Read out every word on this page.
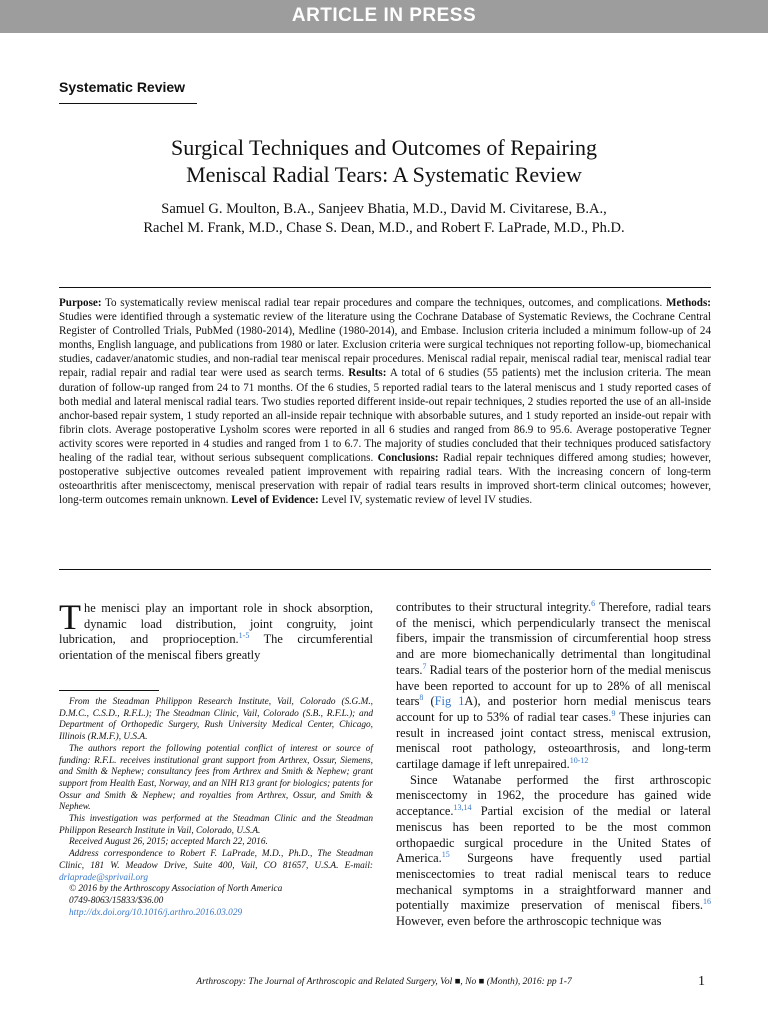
ARTICLE IN PRESS
Systematic Review
Surgical Techniques and Outcomes of Repairing
Meniscal Radial Tears: A Systematic Review
Samuel G. Moulton, B.A., Sanjeev Bhatia, M.D., David M. Civitarese, B.A.,
Rachel M. Frank, M.D., Chase S. Dean, M.D., and Robert F. LaPrade, M.D., Ph.D.
Purpose: To systematically review meniscal radial tear repair procedures and compare the techniques, outcomes, and complications. Methods: Studies were identified through a systematic review of the literature using the Cochrane Database of Systematic Reviews, the Cochrane Central Register of Controlled Trials, PubMed (1980-2014), Medline (1980-2014), and Embase. Inclusion criteria included a minimum follow-up of 24 months, English language, and publications from 1980 or later. Exclusion criteria were surgical techniques not reporting follow-up, biomechanical studies, cadaver/anatomic studies, and non-radial tear meniscal repair procedures. Meniscal radial repair, meniscal radial tear, meniscal radial tear repair, radial repair and radial tear were used as search terms. Results: A total of 6 studies (55 patients) met the inclusion criteria. The mean duration of follow-up ranged from 24 to 71 months. Of the 6 studies, 5 reported radial tears to the lateral meniscus and 1 study reported cases of both medial and lateral meniscal radial tears. Two studies reported different inside-out repair techniques, 2 studies reported the use of an all-inside anchor-based repair system, 1 study reported an all-inside repair technique with absorbable sutures, and 1 study reported an inside-out repair with fibrin clots. Average postoperative Lysholm scores were reported in all 6 studies and ranged from 86.9 to 95.6. Average postoperative Tegner activity scores were reported in 4 studies and ranged from 1 to 6.7. The majority of studies concluded that their techniques produced satisfactory healing of the radial tear, without serious subsequent complications. Conclusions: Radial repair techniques differed among studies; however, postoperative subjective outcomes revealed patient improvement with repairing radial tears. With the increasing concern of long-term osteoarthritis after meniscectomy, meniscal preservation with repair of radial tears results in improved short-term clinical outcomes; however, long-term outcomes remain unknown. Level of Evidence: Level IV, systematic review of level IV studies.

The menisci play an important role in shock absorption, dynamic load distribution, joint congruity, joint lubrication, and proprioception.$^{1-5}$ The circumferential orientation of the meniscal fibers greatly

From the Steadman Philippon Research Institute, Vail, Colorado (S.G.M., D.M.C., C.S.D., R.F.L.); The Steadman Clinic, Vail, Colorado (S.B., R.F.L.); and Department of Orthopedic Surgery, Rush University Medical Center, Chicago, Illinois (R.M.F.), U.S.A.

The authors report the following potential conflict of interest or source of funding: R.F.L. receives institutional grant support from Arthrex, Ossur, Siemens, and Smith & Nephew; consultancy fees from Arthrex and Smith & Nephew; grant support from Health East, Norway, and an NIH R13 grant for biologics; patents for Ossur and Smith & Nephew; and royalties from Arthrex, Ossur, and Smith & Nephew.

This investigation was performed at the Steadman Clinic and the Steadman Philippon Research Institute in Vail, Colorado, U.S.A.

Received August 26, 2015; accepted March 22, 2016.

Address correspondence to Robert F. LaPrade, M.D., Ph.D., The Steadman Clinic, 181 W. Meadow Drive, Suite 400, Vail, CO 81657, U.S.A. E-mail: drlaprade@sprivail.org

© 2016 by the Arthroscopy Association of North America

0749-8063/15833/$36.00

http://dx.doi.org/10.1016/j.arthro.2016.03.029

contributes to their structural integrity.$^6$ Therefore, radial tears of the menisci, which perpendicularly transect the meniscal fibers, impair the transmission of circumferential hoop stress and are more biomechanically detrimental than longitudinal tears.$^7$ Radial tears of the posterior horn of the medial meniscus have been reported to account for up to 28% of all meniscal tears$^8$ (Fig 1A), and posterior horn medial meniscus tears account for up to 53% of radial tear cases.$^9$ These injuries can result in increased joint contact stress, meniscal extrusion, meniscal root pathology, osteoarthrosis, and long-term cartilage damage if left unrepaired.$^{10-12}$

Since Watanabe performed the first arthroscopic meniscectomy in 1962, the procedure has gained wide acceptance.$^{13,14}$ Partial excision of the medial or lateral meniscus has been reported to be the most common orthopaedic surgical procedure in the United States of America.$^{15}$ Surgeons have frequently used partial meniscectomies to treat radial meniscal tears to reduce mechanical symptoms in a straightforward manner and potentially maximize preservation of meniscal fibers.$^{16}$ However, even before the arthroscopic technique was

Arthroscopy: The Journal of Arthroscopic and Related Surgery, Vol ■, No ■ (Month), 2016: pp 1-7	1
